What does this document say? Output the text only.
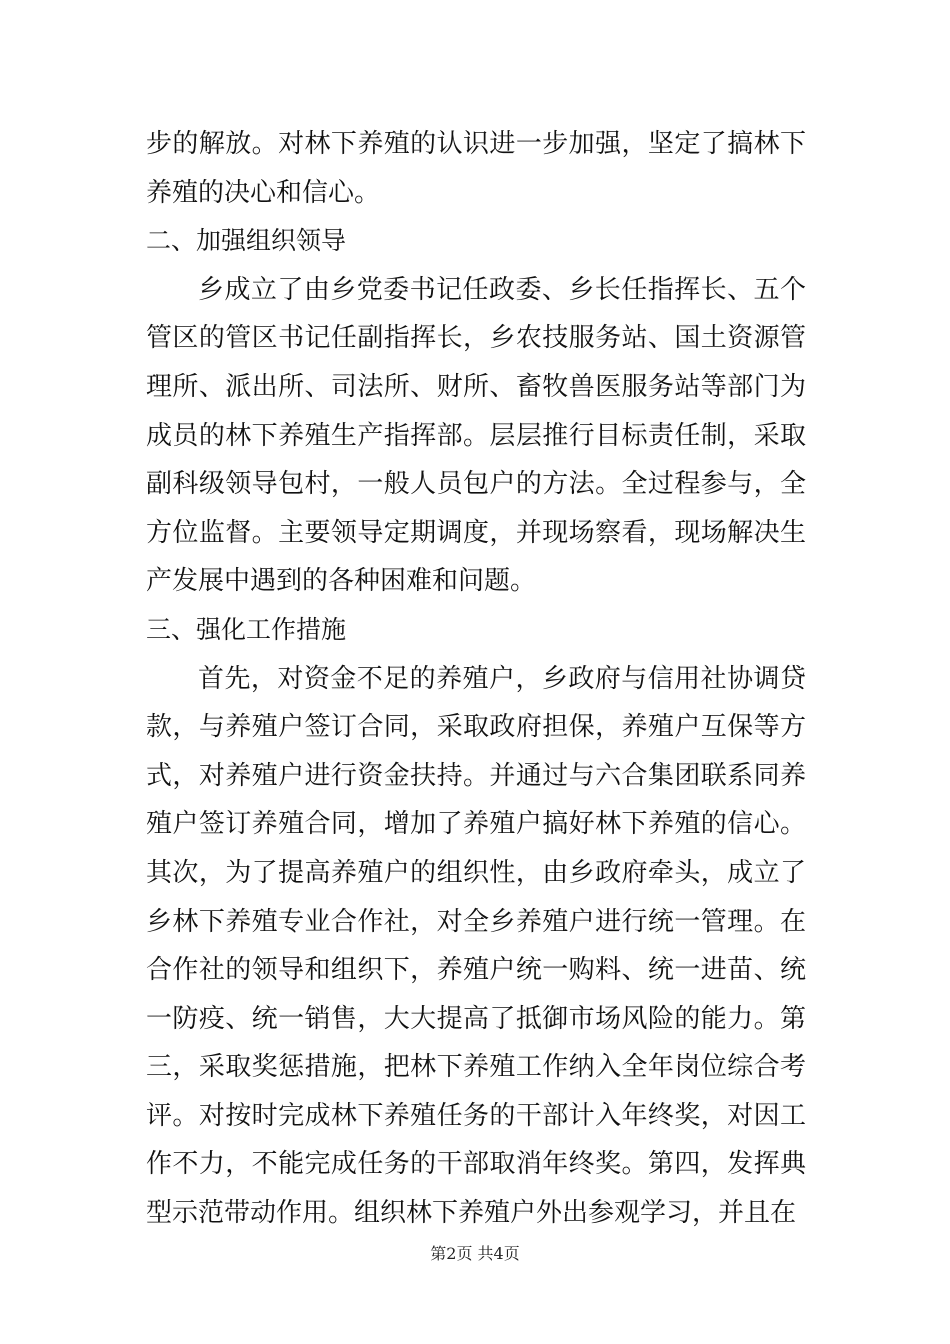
步的解放。对林下养殖的认识进一步加强，坚定了搞林下养殖的决心和信心。

二、加强组织领导

乡成立了由乡党委书记任政委、乡长任指挥长、五个管区的管区书记任副指挥长，乡农技服务站、国土资源管理所、派出所、司法所、财所、畜牧兽医服务站等部门为成员的林下养殖生产指挥部。层层推行目标责任制，采取副科级领导包村，一般人员包户的方法。全过程参与，全方位监督。主要领导定期调度，并现场察看，现场解决生产发展中遇到的各种困难和问题。

三、强化工作措施

首先，对资金不足的养殖户，乡政府与信用社协调贷款，与养殖户签订合同，采取政府担保，养殖户互保等方式，对养殖户进行资金扶持。并通过与六合集团联系同养殖户签订养殖合同，增加了养殖户搞好林下养殖的信心。其次，为了提高养殖户的组织性，由乡政府牵头，成立了乡林下养殖专业合作社，对全乡养殖户进行统一管理。在合作社的领导和组织下，养殖户统一购料、统一进苗、统一防疫、统一销售，大大提高了抵御市场风险的能力。第三，采取奖惩措施，把林下养殖工作纳入全年岗位综合考评。对按时完成林下养殖任务的干部计入年终奖，对因工作不力，不能完成任务的干部取消年终奖。第四，发挥典型示范带动作用。组织林下养殖户外出参观学习，并且在

第2页 共4页
